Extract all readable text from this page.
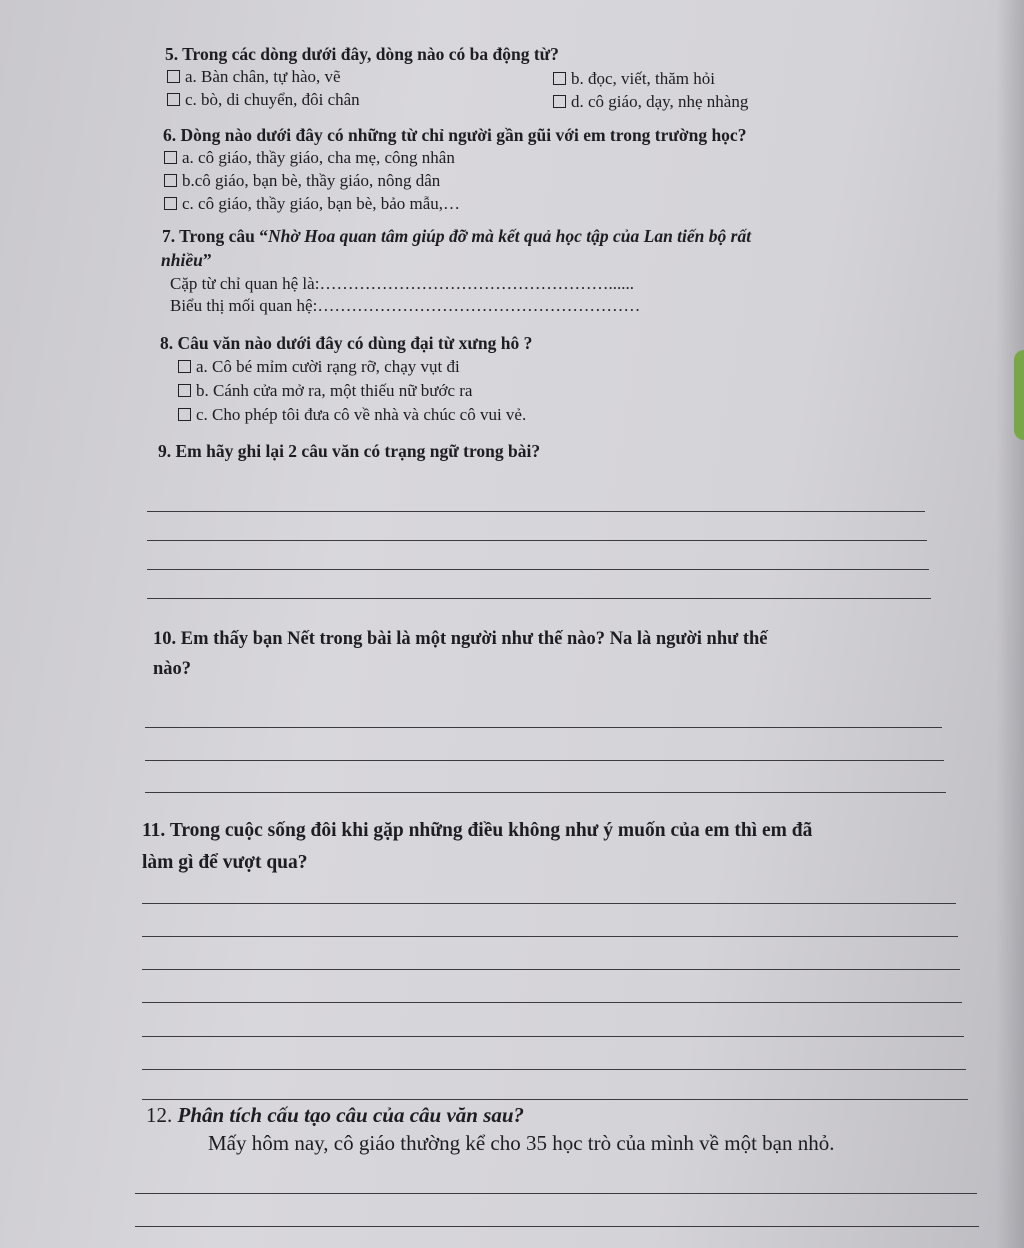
5. Trong các dòng dưới đây, dòng nào có ba động từ?
a. Bàn chân, tự hào, vẽ	b. đọc, viết, thăm hỏi
c. bò, di chuyển, đôi chân	d. cô giáo, dạy, nhẹ nhàng
6. Dòng nào dưới đây có những từ chỉ người gần gũi với em trong trường học?
a. cô giáo, thầy giáo, cha mẹ, công nhân
b.cô giáo, bạn bè, thầy giáo, nông dân
c. cô giáo, thầy giáo, bạn bè, bảo mẫu,…
7. Trong câu “Nhờ Hoa quan tâm giúp đỡ mà kết quả học tập của Lan tiến bộ rất
nhiều”
Cặp từ chỉ quan hệ là:……………………………………………......
Biểu thị mối quan hệ:…………………………………………………
8. Câu văn nào dưới đây có dùng đại từ xưng hô ?
a. Cô bé mỉm cười rạng rỡ, chạy vụt đi
b. Cánh cửa mở ra, một thiếu nữ bước ra
c. Cho phép tôi đưa cô về nhà và chúc cô vui vẻ.
9. Em hãy ghi lại 2 câu văn có trạng ngữ trong bài?
10. Em thấy bạn Nết trong bài là một người như thế nào? Na là người như thế
nào?
11. Trong cuộc sống đôi khi gặp những điều không như ý muốn của em thì em đã
làm gì để vượt qua?
12. Phân tích cấu tạo câu của câu văn sau?
Mấy hôm nay, cô giáo thường kể cho 35 học trò của mình về một bạn nhỏ.
